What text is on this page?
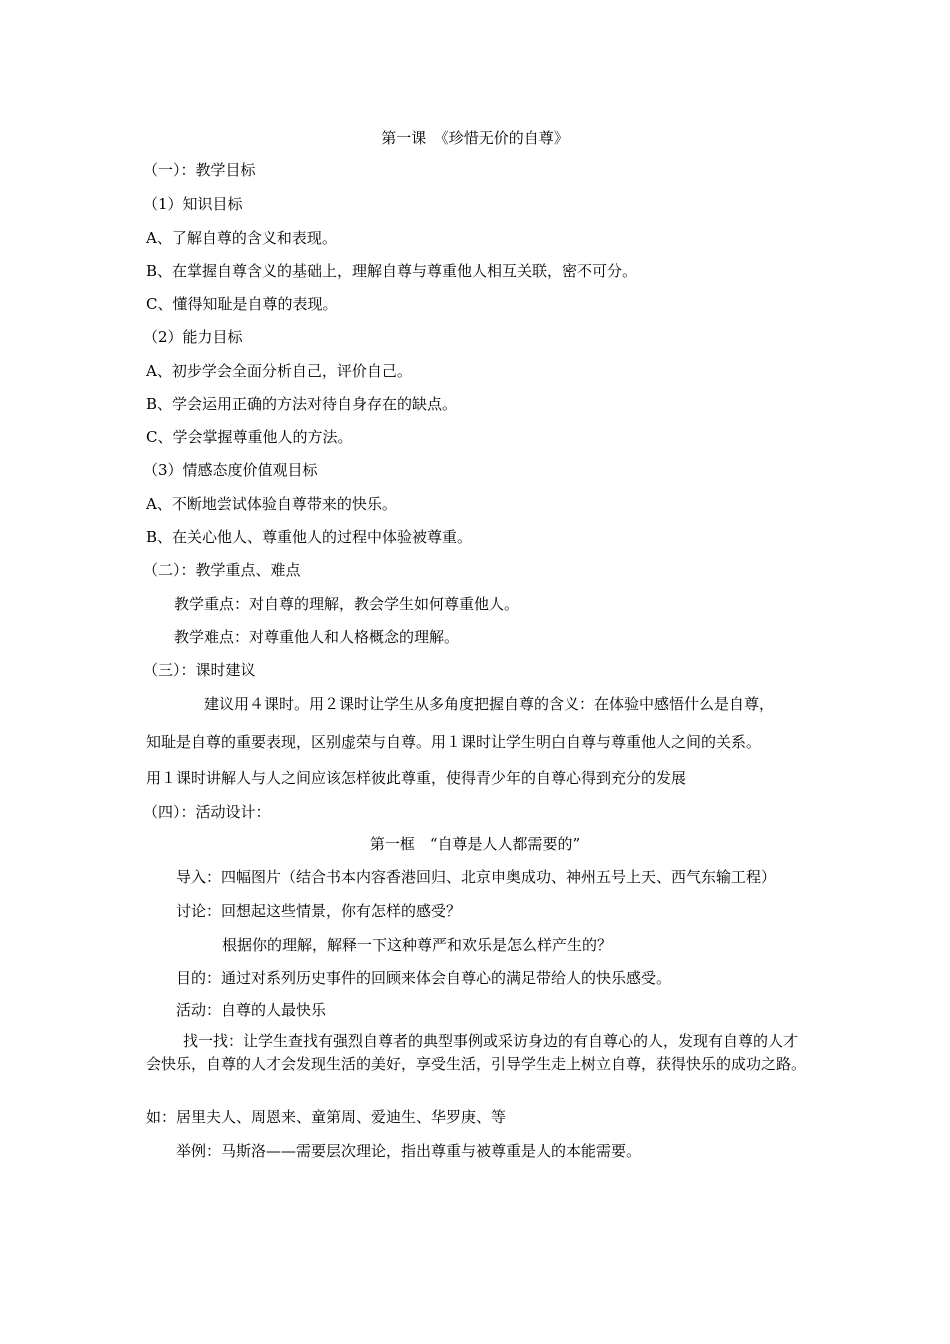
第一课　《珍惜无价的自尊》
（一）：教学目标
（1）知识目标
A、了解自尊的含义和表现。
B、在掌握自尊含义的基础上，理解自尊与尊重他人相互关联，密不可分。
C、懂得知耻是自尊的表现。
（2）能力目标
A、初步学会全面分析自己，评价自己。
B、学会运用正确的方法对待自身存在的缺点。
C、学会掌握尊重他人的方法。
（3）情感态度价值观目标
A、不断地尝试体验自尊带来的快乐。
B、在关心他人、尊重他人的过程中体验被尊重。
（二）：教学重点、难点
教学重点：对自尊的理解，教会学生如何尊重他人。
教学难点：对尊重他人和人格概念的理解。
（三）：课时建议
建议用４课时。用２课时让学生从多角度把握自尊的含义：在体验中感悟什么是自尊，
知耻是自尊的重要表现，区别虚荣与自尊。用１课时让学生明白自尊与尊重他人之间的关系。
用１课时讲解人与人之间应该怎样彼此尊重，使得青少年的自尊心得到充分的发展
（四）：活动设计：
第一框　“自尊是人人都需要的”
导入：四幅图片（结合书本内容香港回归、北京申奥成功、神州五号上天、西气东输工程）
讨论：回想起这些情景，你有怎样的感受？
根据你的理解，解释一下这种尊严和欢乐是怎么样产生的？
目的：通过对系列历史事件的回顾来体会自尊心的满足带给人的快乐感受。
活动：自尊的人最快乐
找一找：让学生查找有强烈自尊者的典型事例或采访身边的有自尊心的人，发现有自尊的人才会快乐，自尊的人才会发现生活的美好，享受生活，引导学生走上树立自尊，获得快乐的成功之路。
如：居里夫人、周恩来、童第周、爱迪生、华罗庚、等
举例：马斯洛——需要层次理论，指出尊重与被尊重是人的本能需要。
